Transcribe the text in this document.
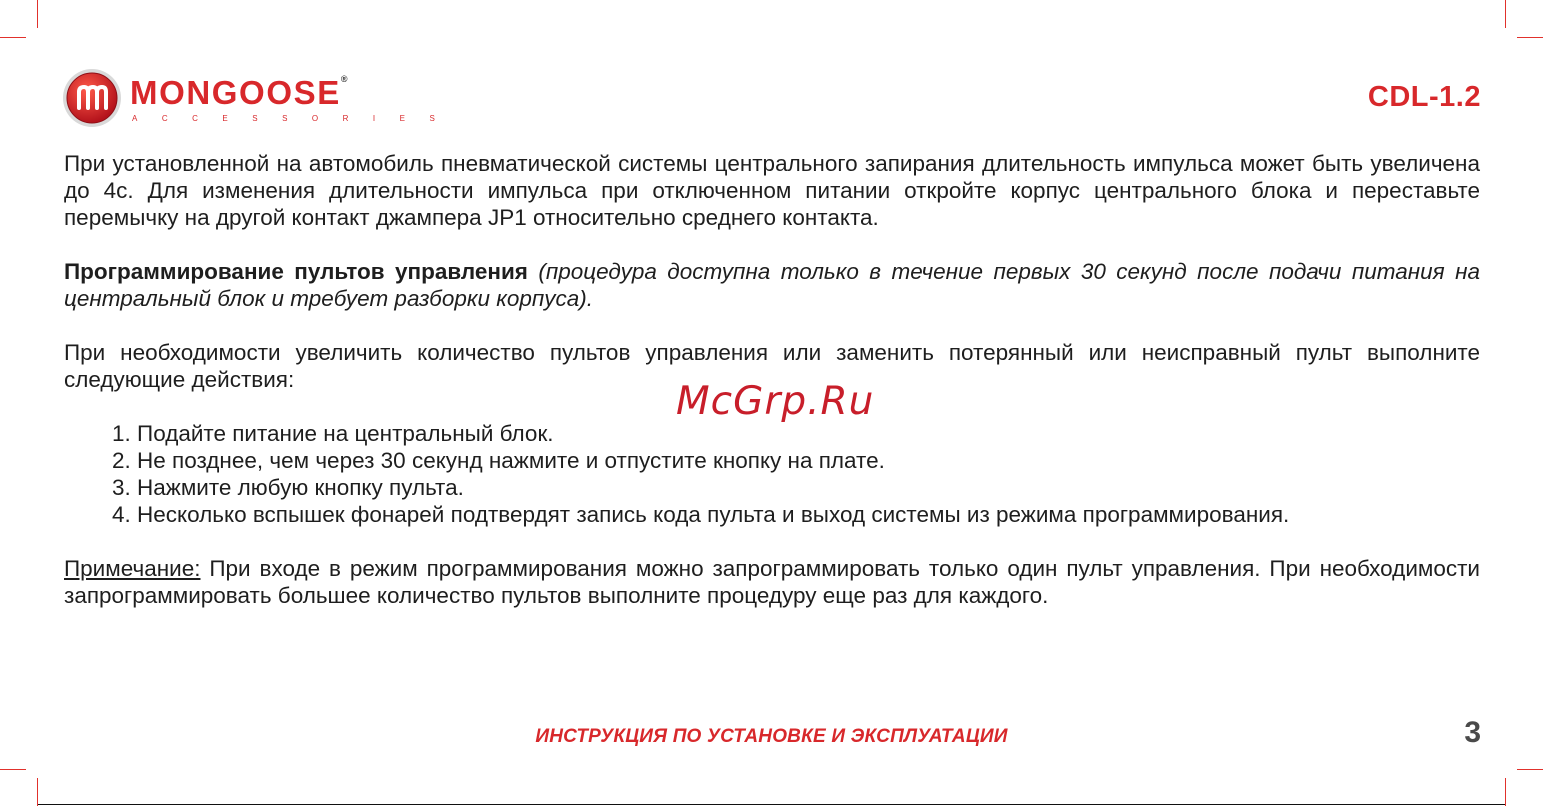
MONGOOSE®
ACCESSORIES
CDL-1.2

При установленной на автомобиль пневматической системы центрального запирания длительность импульса может быть увеличена до 4с. Для изменения длительности импульса при отключенном питании откройте корпус центрального блока и переставьте перемычку на другой контакт джампера JP1 относительно среднего контакта.

Программирование пультов управления (процедура доступна только в течение первых 30 секунд после подачи питания на центральный блок и требует разборки корпуса).

При необходимости увеличить количество пультов управления или заменить потерянный или неисправный пульт выполните следующие действия:

1. Подайте питание на центральный блок.
2. Не позднее, чем через 30 секунд нажмите и отпустите кнопку на плате.
3. Нажмите любую кнопку пульта.
4. Несколько вспышек фонарей подтвердят запись кода пульта и выход системы из режима программирования.

Примечание: При входе в режим программирования можно запрограммировать только один пульт управления. При необходимости запрограммировать большее количество пультов выполните процедуру еще раз для каждого.

McGrp.Ru
ИНСТРУКЦИЯ ПО УСТАНОВКЕ И ЭКСПЛУАТАЦИИ	3
